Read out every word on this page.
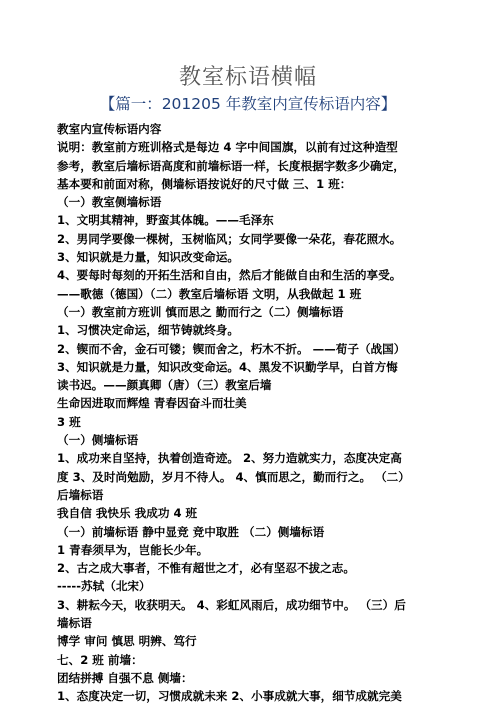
教室标语横幅
【篇一：201205 年教室内宣传标语内容】
教室内宣传标语内容
说明：教室前方班训格式是每边 4 字中间国旗，以前有过这种造型
参考，教室后墙标语高度和前墙标语一样，长度根据字数多少确定，
基本要和前面对称，侧墙标语按说好的尺寸做 三、1 班：
（一）教室侧墙标语
1、文明其精神，野蛮其体魄。——毛泽东
2、男同学要像一棵树，玉树临风；女同学要像一朵花，春花照水。
3、知识就是力量，知识改变命运。
4、要每时每刻的开拓生活和自由，然后才能做自由和生活的享受。
——歌德（德国）（二）教室后墙标语 文明，从我做起 1 班
（一）教室前方班训 慎而思之 勤而行之（二）侧墙标语
1、习惯决定命运，细节铸就终身。
2、锲而不舍，金石可镂；锲而舍之，朽木不折。 ——荀子（战国）
3、知识就是力量，知识改变命运。4、黑发不识勤学早，白首方悔
读书迟。——颜真卿（唐）（三）教室后墙
生命因进取而辉煌 青春因奋斗而壮美
3 班
（一）侧墙标语
1、成功来自坚持，执着创造奇迹。 2、努力造就实力，态度决定高
度 3、及时尚勉励，岁月不待人。 4、慎而思之，勤而行之。 （二）
后墙标语
我自信 我快乐 我成功 4 班
（一）前墙标语 静中显竞 竞中取胜 （二）侧墙标语
1 青春须早为，岂能长少年。
2、古之成大事者，不惟有超世之才，必有坚忍不拔之志。
-----苏轼（北宋）
3、耕耘今天，收获明天。 4、彩虹风雨后，成功细节中。 （三）后
墙标语
博学 审问 慎思 明辨、笃行
七、2 班 前墙：
团结拼搏 自强不息 侧墙：
1、态度决定一切，习惯成就未来 2、小事成就大事，细节成就完美
